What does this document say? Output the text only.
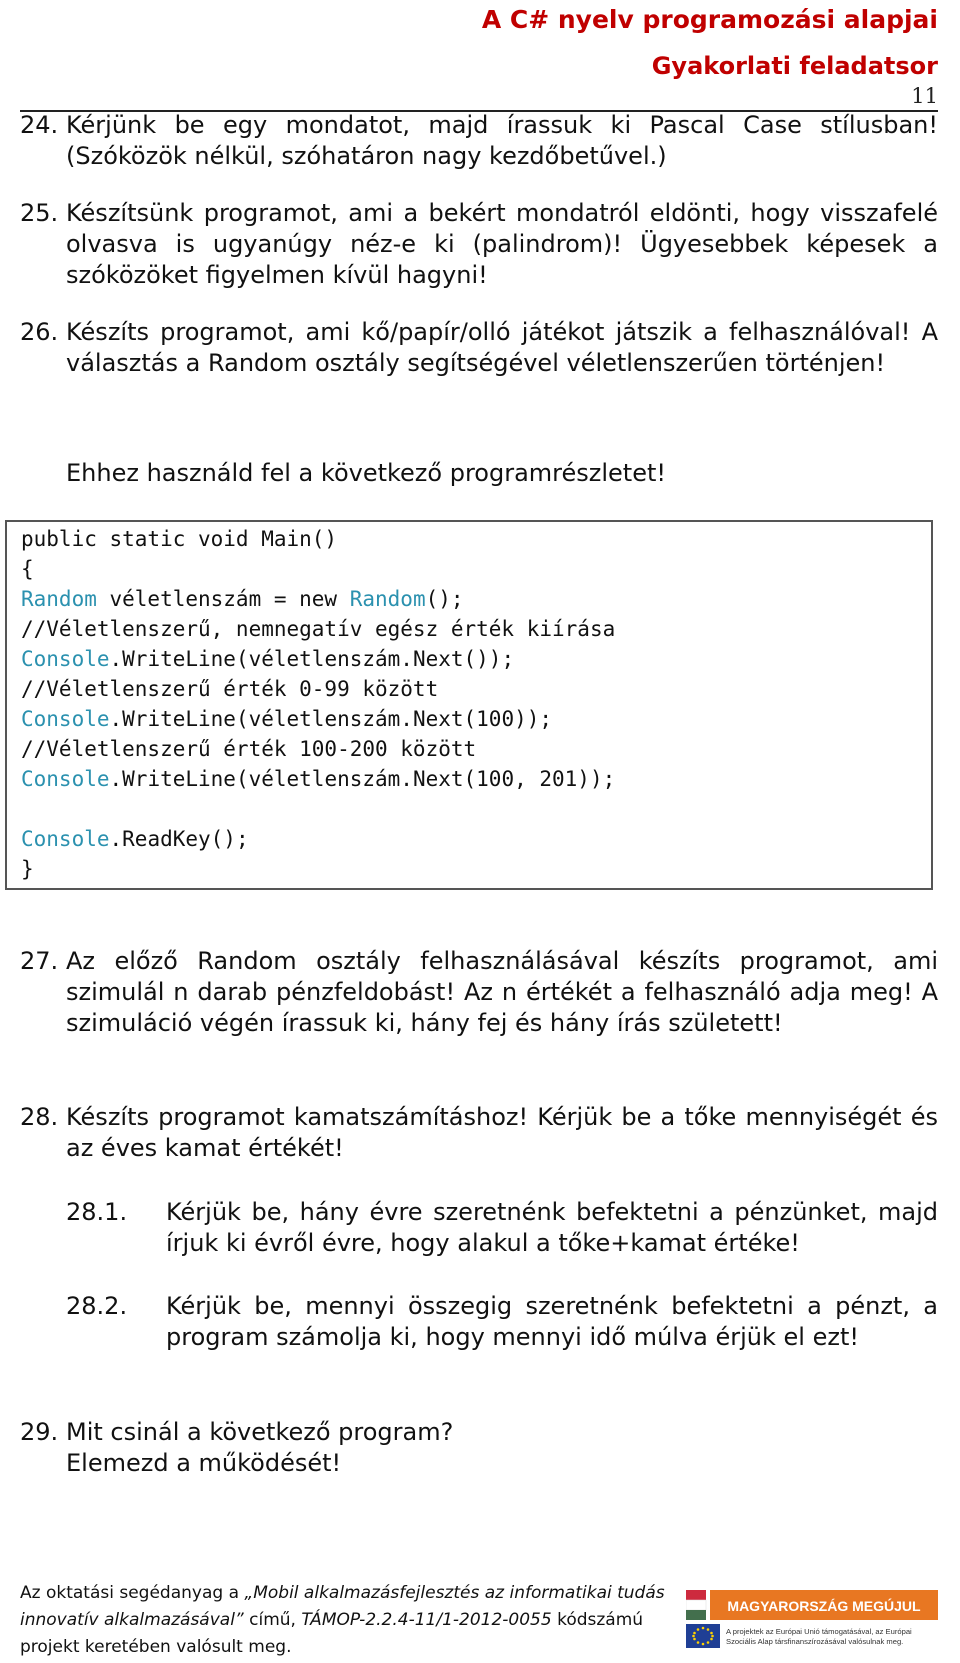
A C# nyelv programozási alapjai
Gyakorlati feladatsor
11
24. Kérjünk be egy mondatot, majd írassuk ki Pascal Case stílusban! (Szóközök nélkül, szóhatáron nagy kezdőbetűvel.)
25. Készítsünk programot, ami a bekért mondatról eldönti, hogy visszafelé olvasva is ugyanúgy néz-e ki (palindrom)! Ügyesebbek képesek a szóközöket figyelmen kívül hagyni!
26. Készíts programot, ami kő/papír/olló játékot játszik a felhasználóval! A választás a Random osztály segítségével véletlenszerűen történjen!
Ehhez használd fel a következő programrészletet!
public static void Main()
{
Random véletlenszám = new Random();
//Véletlenszerű, nemnegatív egész érték kiírása
Console.WriteLine(véletlenszám.Next());
//Véletlenszerű érték 0-99 között
Console.WriteLine(véletlenszám.Next(100));
//Véletlenszerű érték 100-200 között
Console.WriteLine(véletlenszám.Next(100, 201));
Console.ReadKey();
}
27. Az előző Random osztály felhasználásával készíts programot, ami szimulál n darab pénzfeldobást! Az n értékét a felhasználó adja meg! A szimuláció végén írassuk ki, hány fej és hány írás született!
28. Készíts programot kamatszámításhoz! Kérjük be a tőke mennyiségét és az éves kamat értékét!
28.1. Kérjük be, hány évre szeretnénk befektetni a pénzünket, majd írjuk ki évről évre, hogy alakul a tőke+kamat értéke!
28.2. Kérjük be, mennyi összegig szeretnénk befektetni a pénzt, a program számolja ki, hogy mennyi idő múlva érjük el ezt!
29. Mit csinál a következő program?

Elemezd a működését!

Az oktatási segédanyag a „Mobil alkalmazásfejlesztés az informatikai tudás innovatív alkalmazásával” című, TÁMOP-2.2.4-11/1-2012-0055 kódszámú projekt keretében valósult meg.
MAGYARORSZÁG MEGÚJUL
A projektek az Európai Unió támogatásával, az Európai
Szociális Alap társfinanszírozásával valósulnak meg.
